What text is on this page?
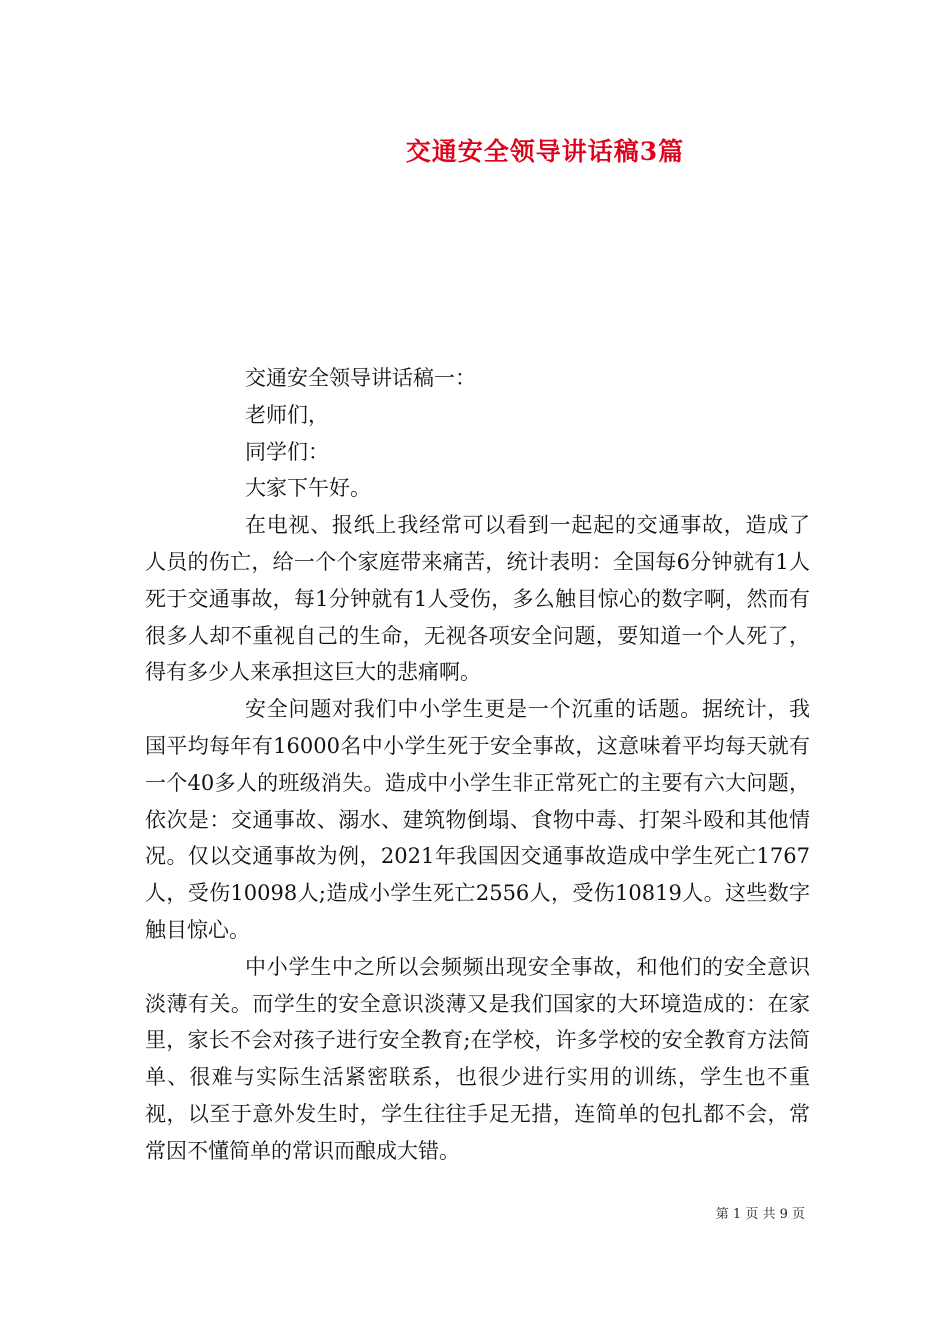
交通安全领导讲话稿3篇

交通安全领导讲话稿一：

老师们，

同学们：

大家下午好。

在电视、报纸上我经常可以看到一起起的交通事故，造成了人员的伤亡，给一个个家庭带来痛苦，统计表明：全国每6分钟就有1人死于交通事故，每1分钟就有1人受伤，多么触目惊心的数字啊，然而有很多人却不重视自己的生命，无视各项安全问题，要知道一个人死了，得有多少人来承担这巨大的悲痛啊。

安全问题对我们中小学生更是一个沉重的话题。据统计，我国平均每年有16000名中小学生死于安全事故，这意味着平均每天就有一个40多人的班级消失。造成中小学生非正常死亡的主要有六大问题，依次是：交通事故、溺水、建筑物倒塌、食物中毒、打架斗殴和其他情况。仅以交通事故为例，2021年我国因交通事故造成中学生死亡1767人，受伤10098人;造成小学生死亡2556人，受伤10819人。这些数字触目惊心。

中小学生中之所以会频频出现安全事故，和他们的安全意识淡薄有关。而学生的安全意识淡薄又是我们国家的大环境造成的：在家里，家长不会对孩子进行安全教育;在学校，许多学校的安全教育方法简单、很难与实际生活紧密联系，也很少进行实用的训练，学生也不重视，以至于意外发生时，学生往往手足无措，连简单的包扎都不会，常常因不懂简单的常识而酿成大错。

第 1 页 共 9 页
